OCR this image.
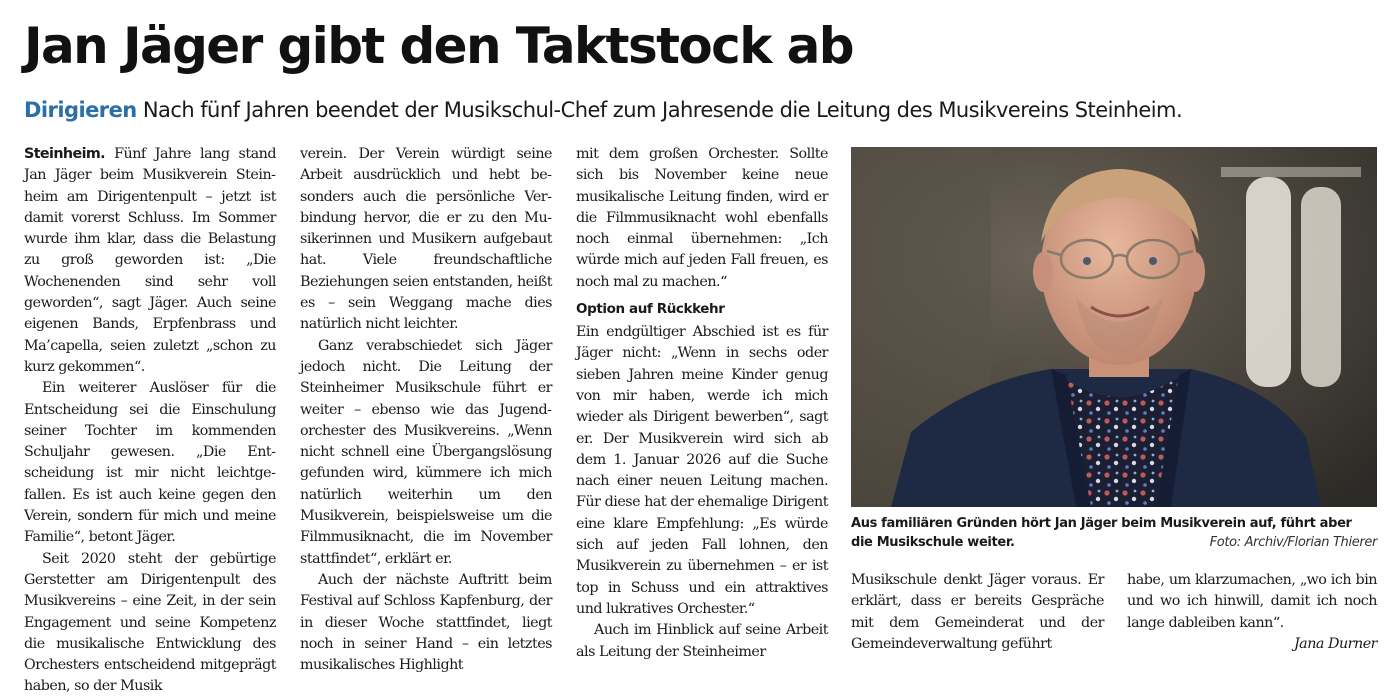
Jan Jäger gibt den Taktstock ab

Dirigieren Nach fünf Jahren beendet der Musikschul-Chef zum Jahresende die Leitung des Musikvereins Steinheim.

Steinheim. Fünf Jahre lang stand Jan Jäger beim Musikverein Steinheim am Dirigentenpult – jetzt ist damit vorerst Schluss. Im Sommer wurde ihm klar, dass die Belastung zu groß geworden ist: „Die Wochenenden sind sehr voll geworden“, sagt Jäger. Auch seine eigenen Bands, Erpfenbrass und Ma’capella, seien zuletzt „schon zu kurz gekommen“.

Ein weiterer Auslöser für die Entscheidung sei die Einschulung seiner Tochter im kommenden Schuljahr gewesen. „Die Entscheidung ist mir nicht leichtgefallen. Es ist auch keine gegen den Verein, sondern für mich und meine Familie“, betont Jäger.

Seit 2020 steht der gebürtige Gerstetter am Dirigentenpult des Musikvereins – eine Zeit, in der sein Engagement und seine Kompetenz die musikalische Entwicklung des Orchesters entscheidend mitgeprägt haben, so der Musik

verein. Der Verein würdigt seine Arbeit ausdrücklich und hebt besonders auch die persönliche Verbindung hervor, die er zu den Musikerinnen und Musikern aufgebaut hat. Viele freundschaftliche Beziehungen seien entstanden, heißt es – sein Weggang mache dies natürlich nicht leichter.

Ganz verabschiedet sich Jäger jedoch nicht. Die Leitung der Steinheimer Musikschule führt er weiter – ebenso wie das Jugendorchester des Musikvereins. „Wenn nicht schnell eine Übergangslösung gefunden wird, kümmere ich mich natürlich weiterhin um den Musikverein, beispielsweise um die Filmmusiknacht, die im November stattfindet“, erklärt er.

Auch der nächste Auftritt beim Festival auf Schloss Kapfenburg, der in dieser Woche stattfindet, liegt noch in seiner Hand – ein letztes musikalisches Highlight

mit dem großen Orchester. Sollte sich bis November keine neue musikalische Leitung finden, wird er die Filmmusiknacht wohl ebenfalls noch einmal übernehmen: „Ich würde mich auf jeden Fall freuen, es noch mal zu machen.“

Option auf Rückkehr

Ein endgültiger Abschied ist es für Jäger nicht: „Wenn in sechs oder sieben Jahren meine Kinder genug von mir haben, werde ich mich wieder als Dirigent bewerben“, sagt er. Der Musikverein wird sich ab dem 1. Januar 2026 auf die Suche nach einer neuen Leitung machen. Für diese hat der ehemalige Dirigent eine klare Empfehlung: „Es würde sich auf jeden Fall lohnen, den Musikverein zu übernehmen – er ist top in Schuss und ein attraktives und lukratives Orchester.“

Auch im Hinblick auf seine Arbeit als Leitung der Steinheimer

Aus familiären Gründen hört Jan Jäger beim Musikverein auf, führt aber die Musikschule weiter.	Foto: Archiv/Florian Thierer

Musikschule denkt Jäger voraus. Er erklärt, dass er bereits Gespräche mit dem Gemeinderat und der Gemeindeverwaltung geführt

habe, um klarzumachen, „wo ich bin und wo ich hinwill, damit ich noch lange dableiben kann“.

Jana Durner
